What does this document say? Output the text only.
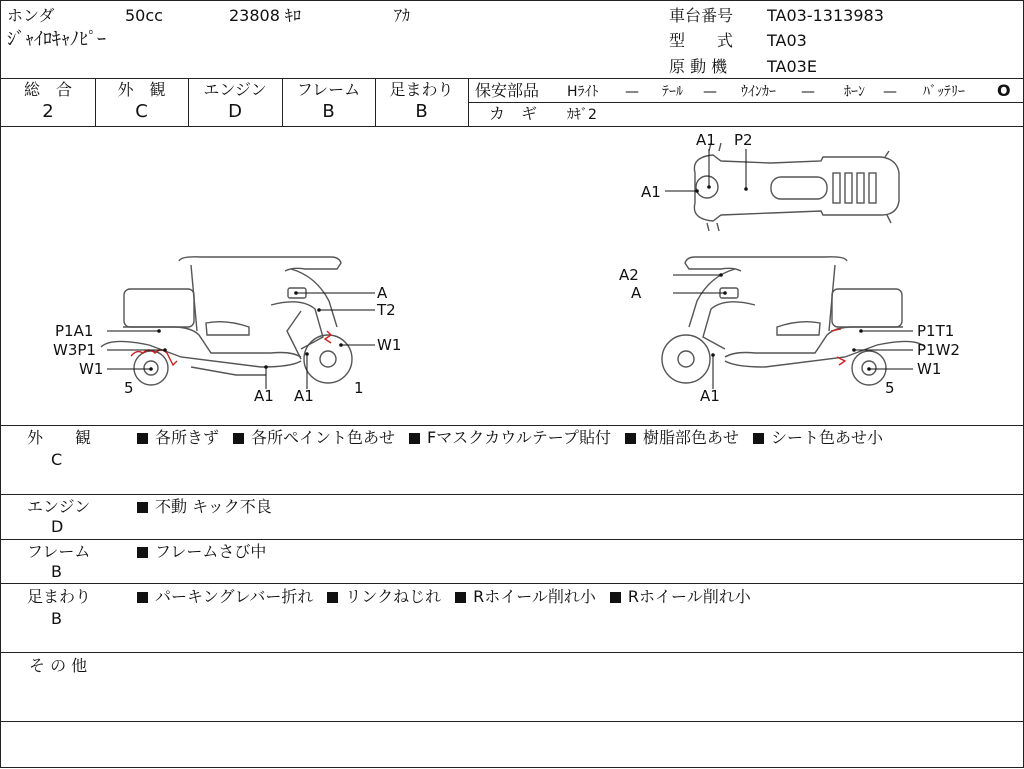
ホンダ	50cc	23808 ｷﾛ	ｱｶ
ｼﾞｬｲﾛｷｬﾉﾋﾟｰ
車台番号 TA03-1313983
型　　式 TA03
原 動 機 TA03E
総　合
2
外　観
C
エンジン
D
フレーム
B
足まわり
B
保安部品 Hﾗｲﾄ — ﾃｰﾙ — ｳｲﾝｶｰ — ﾎｰﾝ — ﾊﾞｯﾃﾘｰ O
カ　ギ ｶｷﾞ2
A
T2
W1
P1A1
W3P1
W1
5	A1 A1	1
A2
A
P1T1
P1W2
W1
5
A1
A1 P2
A1
外　　観
C
各所きず 各所ペイント色あせ Fマスクカウルテープ貼付 樹脂部色あせ シート色あせ小
エンジン
D
不動 キック不良
フレーム
B
フレームさび中
足まわり
B
パーキングレバー折れ リンクねじれ Rホイール削れ小 Rホイール削れ小
そ の 他
